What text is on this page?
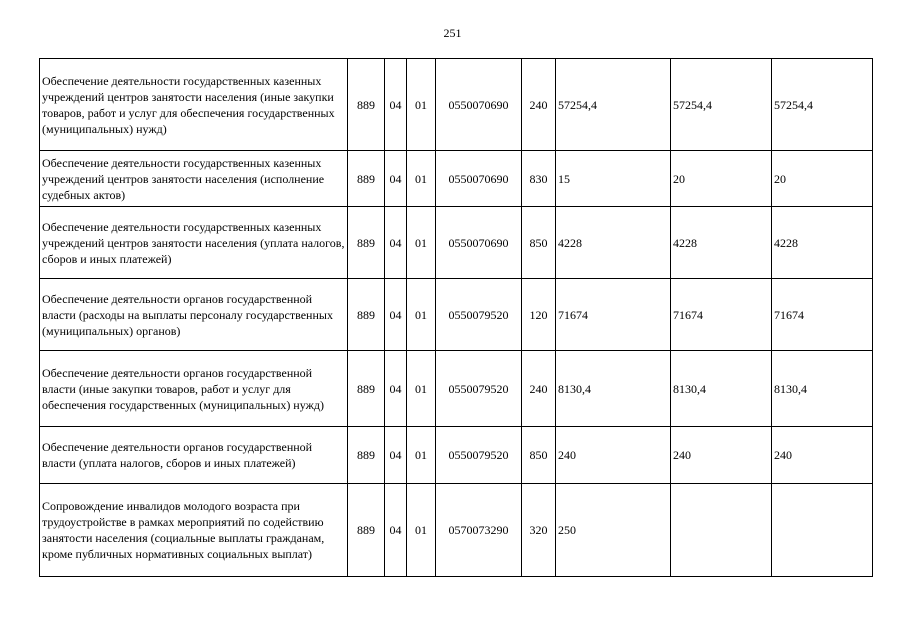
251
Обеспечение деятельности государственных казенных учреждений центров занятости населения (иные закупки товаров, работ и услуг для обеспечения государственных (муниципальных) нужд)	889	04	01	0550070690	240	57254,4	57254,4	57254,4
Обеспечение деятельности государственных казенных учреждений центров занятости населения (исполнение судебных актов)	889	04	01	0550070690	830	15	20	20
Обеспечение деятельности государственных казенных учреждений центров занятости населения (уплата налогов, сборов и иных платежей)	889	04	01	0550070690	850	4228	4228	4228
Обеспечение деятельности органов государственной власти (расходы на выплаты персоналу государственных (муниципальных) органов)	889	04	01	0550079520	120	71674	71674	71674
Обеспечение деятельности органов государственной власти (иные закупки товаров, работ и услуг для обеспечения государственных (муниципальных) нужд)	889	04	01	0550079520	240	8130,4	8130,4	8130,4
Обеспечение деятельности органов государственной власти (уплата налогов, сборов и иных платежей)	889	04	01	0550079520	850	240	240	240
Сопровождение инвалидов молодого возраста при трудоустройстве в рамках мероприятий по содействию занятости населения (социальные выплаты гражданам, кроме публичных нормативных социальных выплат)	889	04	01	0570073290	320	250		
